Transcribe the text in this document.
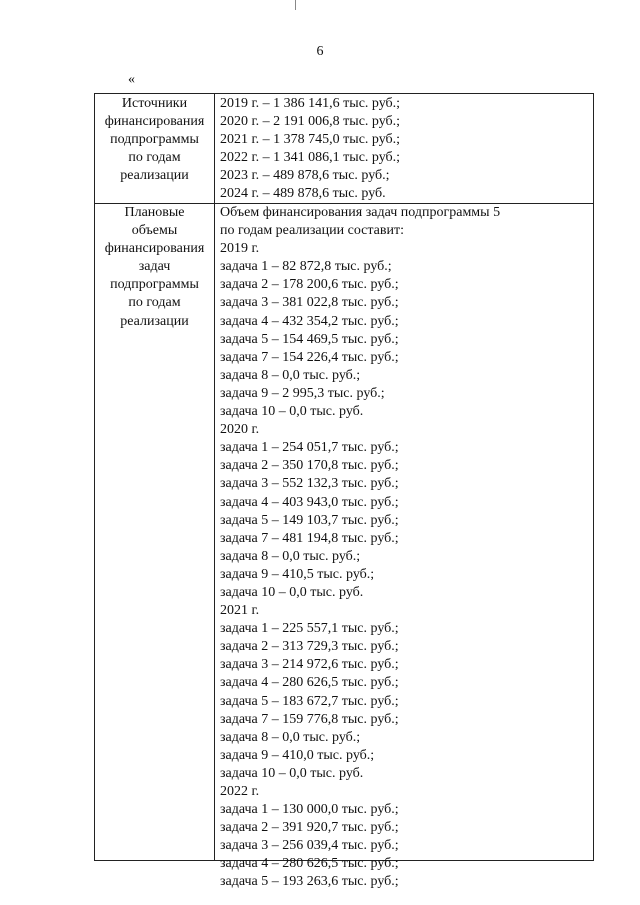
6
«
Источники
финансирования
подпрограммы
по годам
реализации
2019 г. – 1 386 141,6 тыс. руб.;
2020 г. – 2 191 006,8 тыс. руб.;
2021 г. – 1 378 745,0 тыс. руб.;
2022 г. – 1 341 086,1 тыс. руб.;
2023 г. – 489 878,6 тыс. руб.;
2024 г. – 489 878,6 тыс. руб.
Плановые
объемы
финансирования
задач
подпрограммы
по годам
реализации
Объем финансирования задач подпрограммы 5
по годам реализации составит:
2019 г.
задача 1 – 82 872,8 тыс. руб.;
задача 2 – 178 200,6 тыс. руб.;
задача 3 – 381 022,8 тыс. руб.;
задача 4 – 432 354,2 тыс. руб.;
задача 5 – 154 469,5 тыс. руб.;
задача 7 – 154 226,4 тыс. руб.;
задача 8 – 0,0 тыс. руб.;
задача 9 – 2 995,3 тыс. руб.;
задача 10 – 0,0 тыс. руб.
2020 г.
задача 1 – 254 051,7 тыс. руб.;
задача 2 – 350 170,8 тыс. руб.;
задача 3 – 552 132,3 тыс. руб.;
задача 4 – 403 943,0 тыс. руб.;
задача 5 – 149 103,7 тыс. руб.;
задача 7 – 481 194,8 тыс. руб.;
задача 8 – 0,0 тыс. руб.;
задача 9 – 410,5 тыс. руб.;
задача 10 – 0,0 тыс. руб.
2021 г.
задача 1 – 225 557,1 тыс. руб.;
задача 2 – 313 729,3 тыс. руб.;
задача 3 – 214 972,6 тыс. руб.;
задача 4 – 280 626,5 тыс. руб.;
задача 5 – 183 672,7 тыс. руб.;
задача 7 – 159 776,8 тыс. руб.;
задача 8 – 0,0 тыс. руб.;
задача 9 – 410,0 тыс. руб.;
задача 10 – 0,0 тыс. руб.
2022 г.
задача 1 – 130 000,0 тыс. руб.;
задача 2 – 391 920,7 тыс. руб.;
задача 3 – 256 039,4 тыс. руб.;
задача 4 – 280 626,5 тыс. руб.;
задача 5 – 193 263,6 тыс. руб.;
